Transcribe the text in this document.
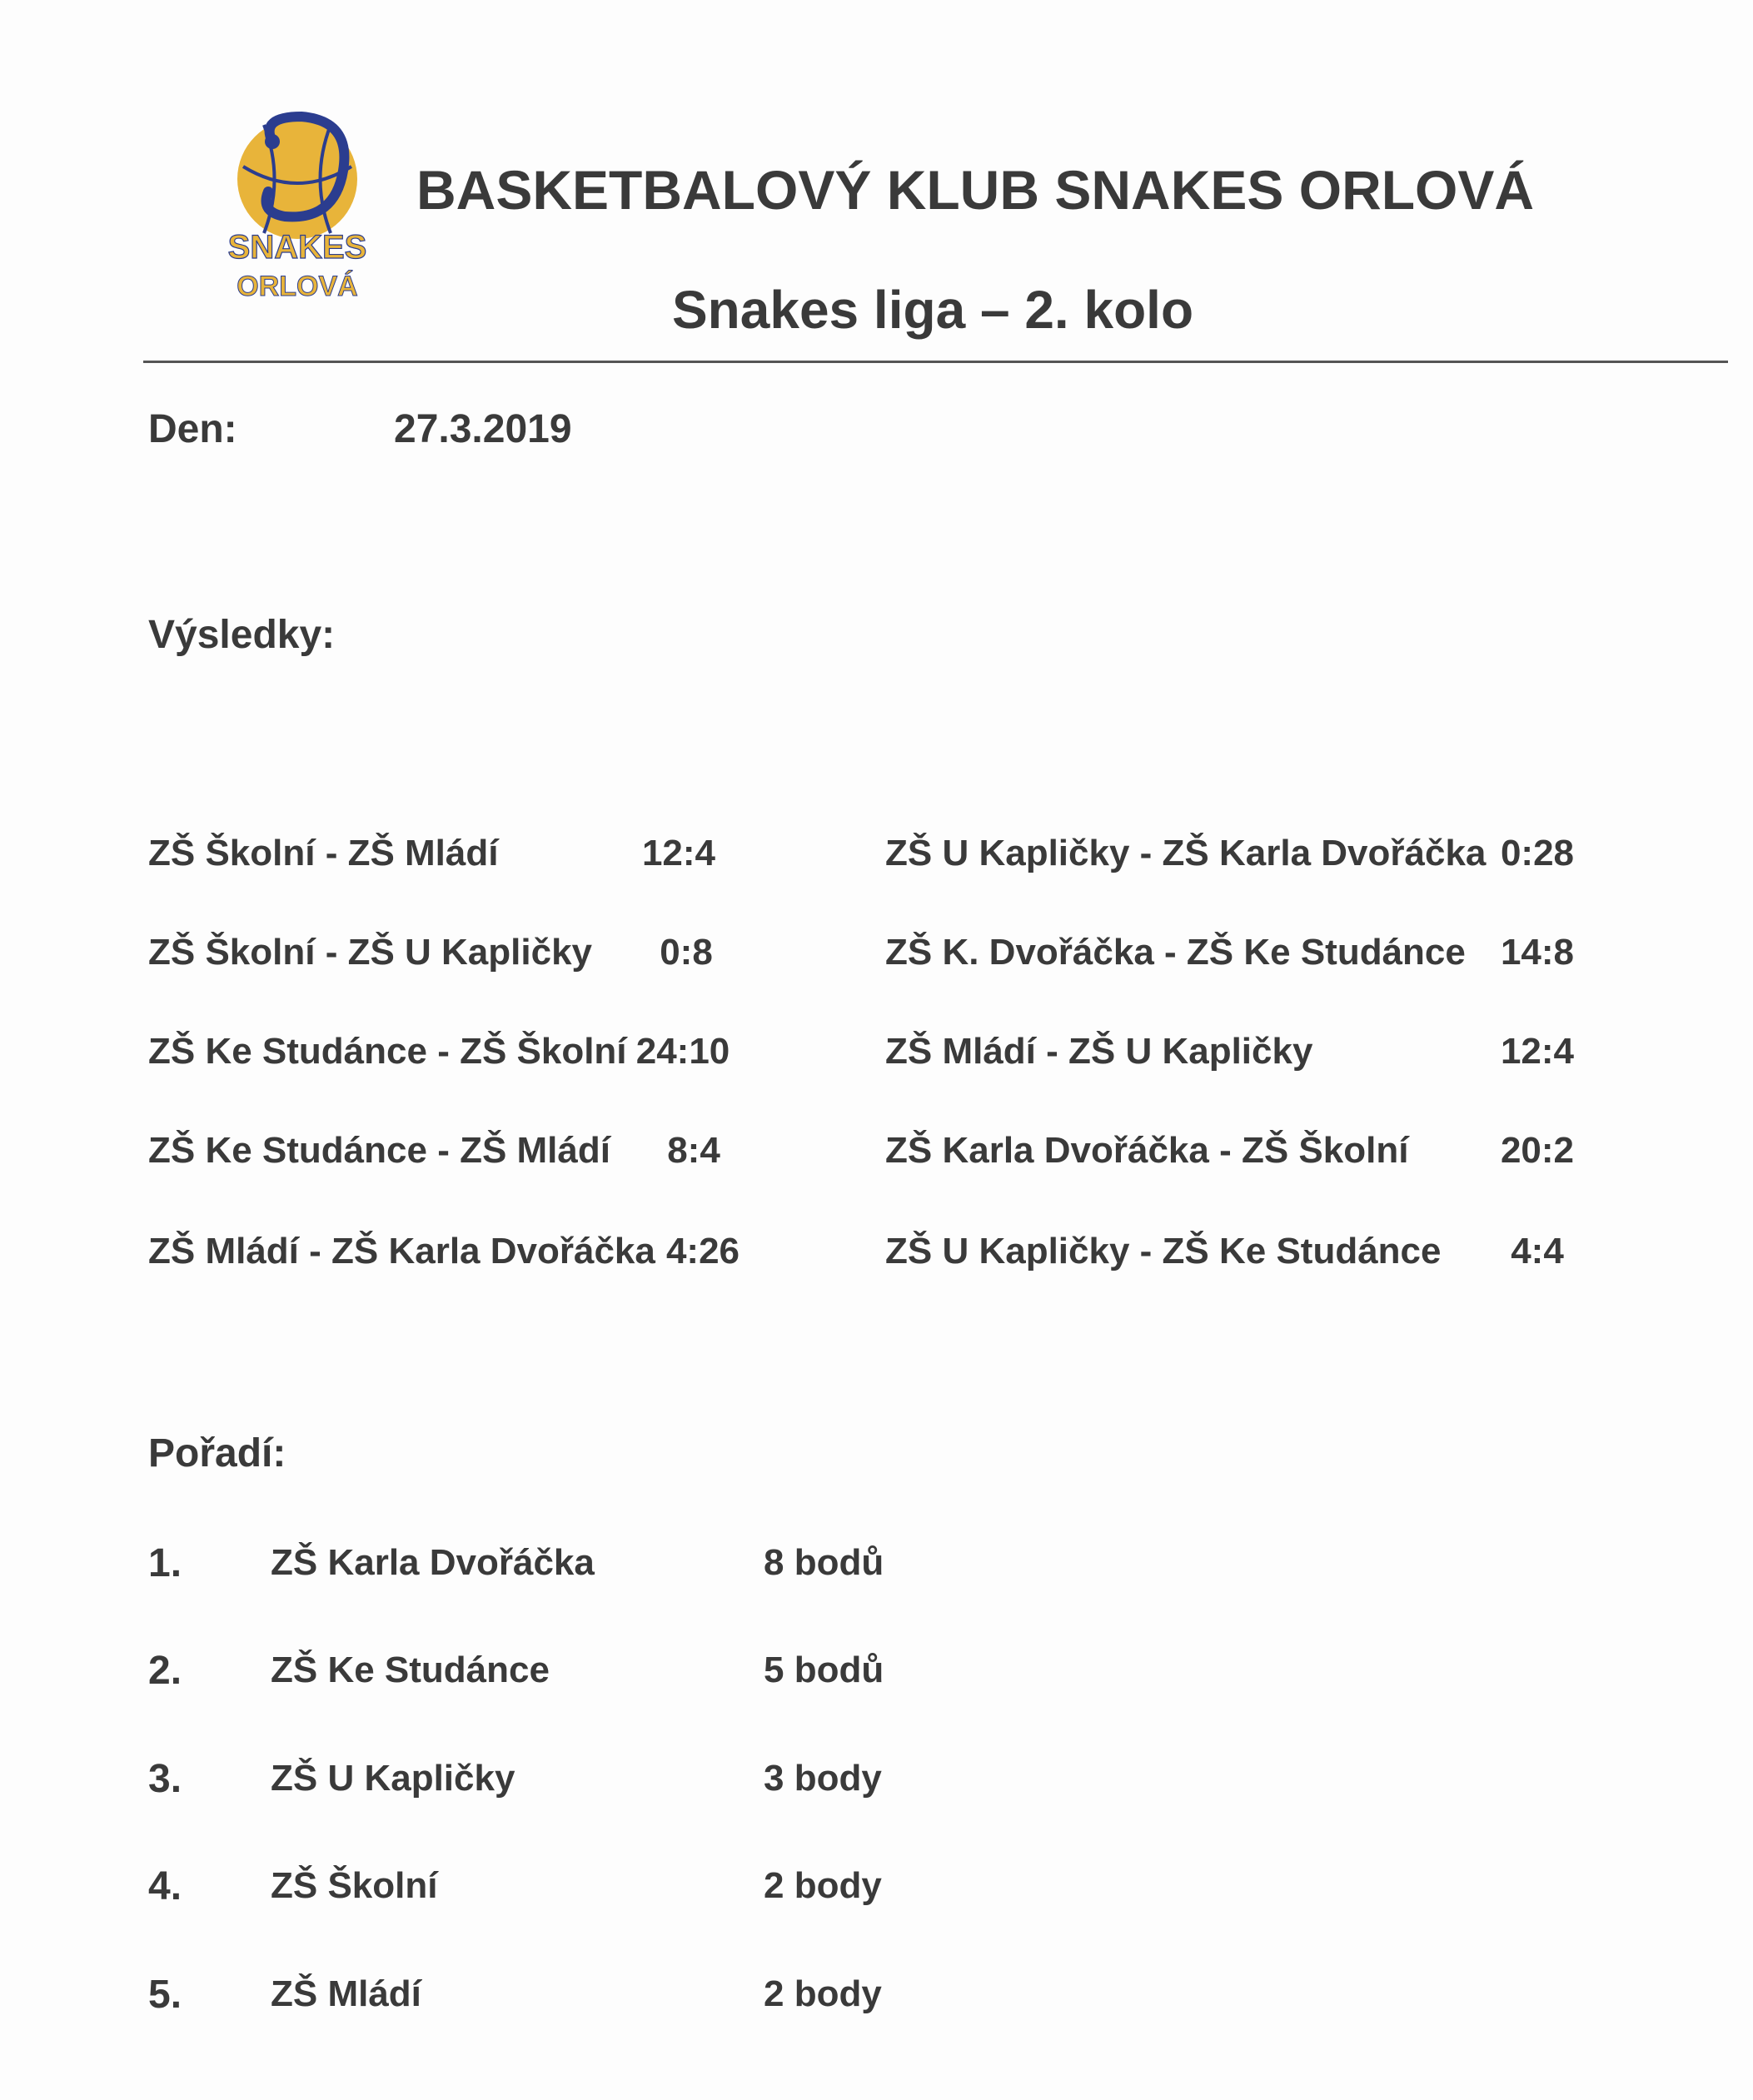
SNAKES
ORLOVÁ
BASKETBALOVÝ KLUB SNAKES ORLOVÁ
Snakes liga – 2. kolo
Den:	27.3.2019
Výsledky:
ZŠ Školní - ZŠ Mládí	12:4
ZŠ Školní - ZŠ U Kapličky	0:8
ZŠ Ke Studánce - ZŠ Školní 24:10
ZŠ Ke Studánce - ZŠ Mládí	8:4
ZŠ Mládí - ZŠ Karla Dvořáčka 4:26
ZŠ U Kapličky - ZŠ Karla Dvořáčka 0:28
ZŠ K. Dvořáčka - ZŠ Ke Studánce 14:8
ZŠ Mládí - ZŠ U Kapličky	12:4
ZŠ Karla Dvořáčka - ZŠ Školní	20:2
ZŠ U Kapličky - ZŠ Ke Studánce	4:4
Pořadí:
1.	ZŠ Karla Dvořáčka	8 bodů
2.	ZŠ Ke Studánce	5 bodů
3.	ZŠ U Kapličky	3 body
4.	ZŠ Školní	2 body
5.	ZŠ Mládí	2 body
